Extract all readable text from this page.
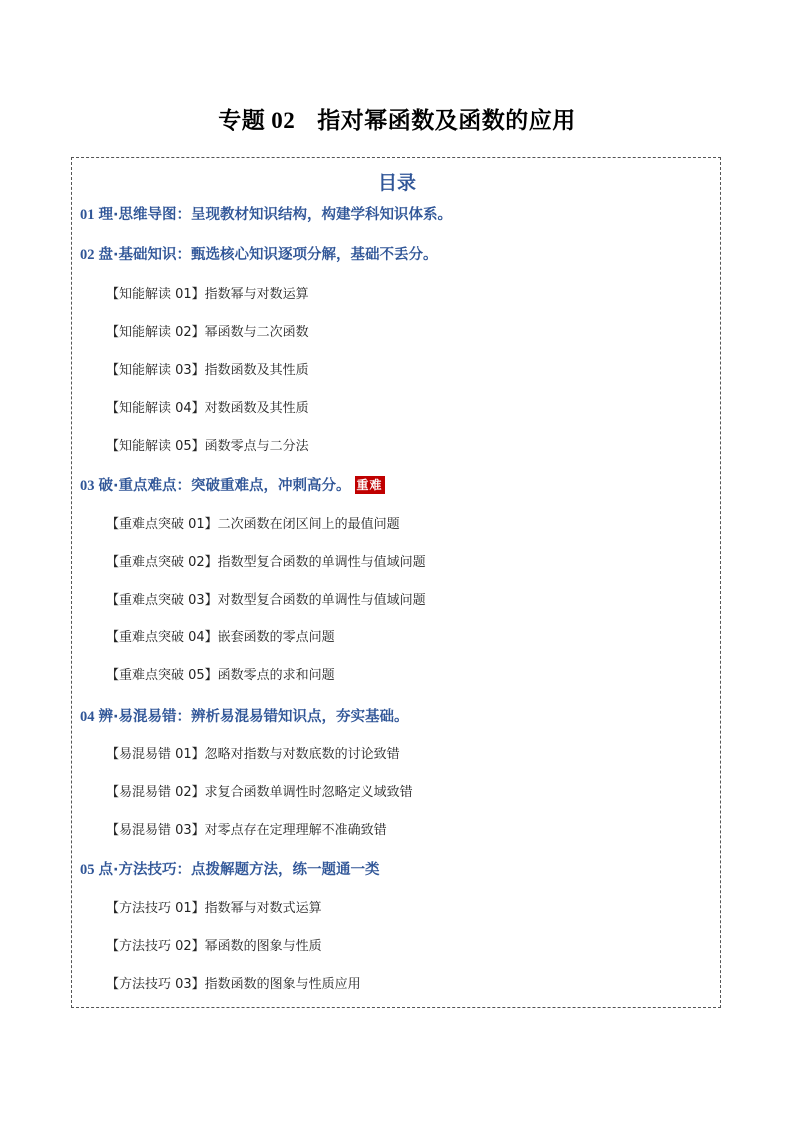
专题 02 指对幂函数及函数的应用
目录
01 理·思维导图：呈现教材知识结构，构建学科知识体系。
02 盘·基础知识：甄选核心知识逐项分解，基础不丢分。
【知能解读 01】指数幂与对数运算
【知能解读 02】幂函数与二次函数
【知能解读 03】指数函数及其性质
【知能解读 04】对数函数及其性质
【知能解读 05】函数零点与二分法
03 破·重点难点：突破重难点，冲刺高分。 重难
【重难点突破 01】二次函数在闭区间上的最值问题
【重难点突破 02】指数型复合函数的单调性与值域问题
【重难点突破 03】对数型复合函数的单调性与值域问题
【重难点突破 04】嵌套函数的零点问题
【重难点突破 05】函数零点的求和问题
04 辨·易混易错：辨析易混易错知识点，夯实基础。
【易混易错 01】忽略对指数与对数底数的讨论致错
【易混易错 02】求复合函数单调性时忽略定义域致错
【易混易错 03】对零点存在定理理解不准确致错
05 点·方法技巧：点拨解题方法，练一题通一类
【方法技巧 01】指数幂与对数式运算
【方法技巧 02】幂函数的图象与性质
【方法技巧 03】指数函数的图象与性质应用
